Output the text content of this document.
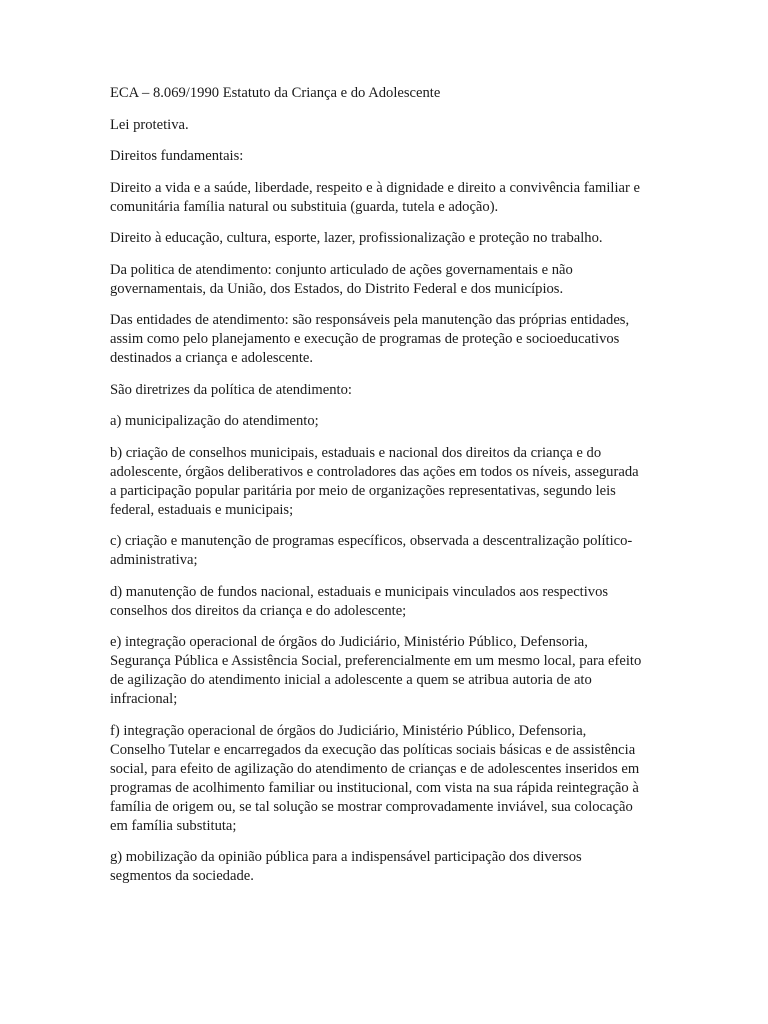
ECA – 8.069/1990 Estatuto da Criança e do Adolescente

Lei protetiva.

Direitos fundamentais:

Direito a vida e a saúde, liberdade, respeito e à dignidade e direito a convivência familiar e comunitária família natural ou substituia (guarda, tutela e adoção).

Direito à educação, cultura, esporte, lazer, profissionalização e proteção no trabalho.

Da politica de atendimento: conjunto articulado de ações governamentais e não governamentais, da União, dos Estados, do Distrito Federal e dos municípios.

Das entidades de atendimento: são responsáveis pela manutenção das próprias entidades, assim como pelo planejamento e execução de programas de proteção e socioeducativos destinados a criança e adolescente.

São diretrizes da política de atendimento:

a) municipalização do atendimento;

b) criação de conselhos municipais, estaduais e nacional dos direitos da criança e do adolescente, órgãos deliberativos e controladores das ações em todos os níveis, assegurada a participação popular paritária por meio de organizações representativas, segundo leis federal, estaduais e municipais;

c) criação e manutenção de programas específicos, observada a descentralização político-administrativa;

d) manutenção de fundos nacional, estaduais e municipais vinculados aos respectivos conselhos dos direitos da criança e do adolescente;

e) integração operacional de órgãos do Judiciário, Ministério Público, Defensoria, Segurança Pública e Assistência Social, preferencialmente em um mesmo local, para efeito de agilização do atendimento inicial a adolescente a quem se atribua autoria de ato infracional;

f) integração operacional de órgãos do Judiciário, Ministério Público, Defensoria, Conselho Tutelar e encarregados da execução das políticas sociais básicas e de assistência social, para efeito de agilização do atendimento de crianças e de adolescentes inseridos em programas de acolhimento familiar ou institucional, com vista na sua rápida reintegração à família de origem ou, se tal solução se mostrar comprovadamente inviável, sua colocação em família substituta;

g) mobilização da opinião pública para a indispensável participação dos diversos segmentos da sociedade.
